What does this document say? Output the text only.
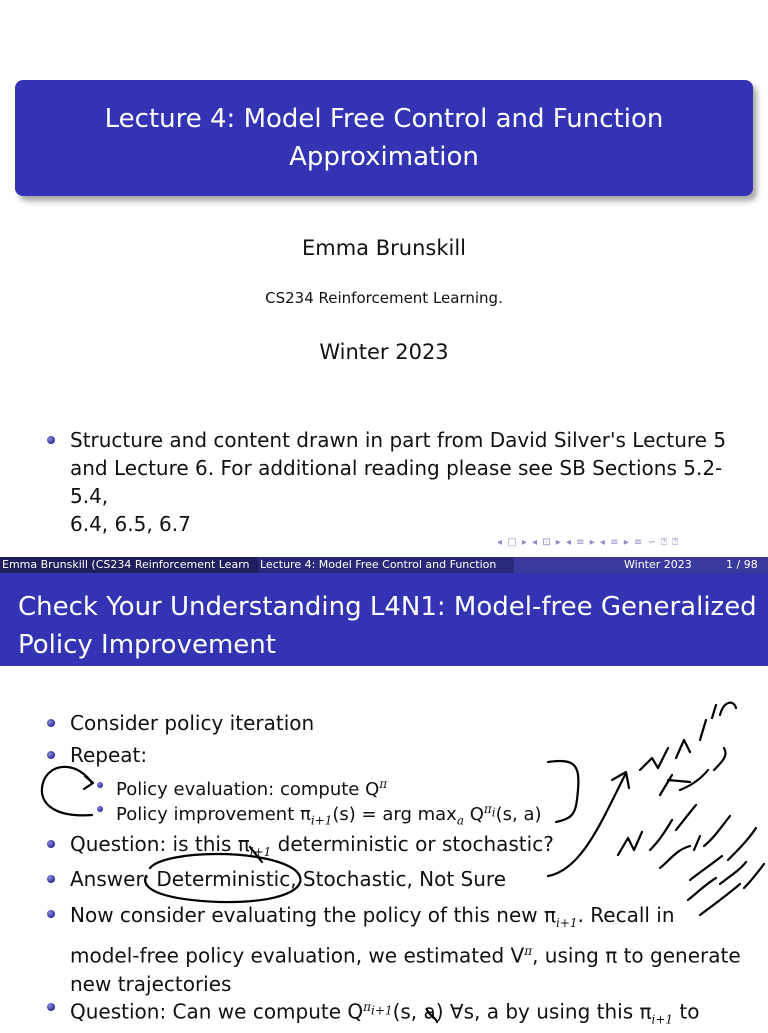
Lecture 4: Model Free Control and Function
Approximation
Emma Brunskill
CS234 Reinforcement Learning.
Winter 2023
Structure and content drawn in part from David Silver's Lecture 5
and Lecture 6. For additional reading please see SB Sections 5.2-5.4,
6.4, 6.5, 6.7
◂ □ ▸ ◂ ⊡ ▸ ◂ ≡ ▸ ◂ ≡ ▸ ≡ ∽ ⍰ ⍰
Emma Brunskill (CS234 Reinforcement Learn Lecture 4: Model Free Control and Function	Winter 2023	1 / 98
Check Your Understanding L4N1: Model-free Generalized
Policy Improvement
Consider policy iteration
Repeat:
Policy evaluation: compute $Q^\pi$
Policy improvement $\pi_{i+1}(s)$ = arg $\max_a Q^{\pi_i}(s$, a)
Question: is this $\pi_{i+1}$ deterministic or stochastic?
Answer: Deterministic, Stochastic, Not Sure
Now consider evaluating the policy of this new $\pi_{i+1}$. Recall in
model-free policy evaluation, we estimated $V^\pi$, using π to generate
new trajectories
Question: Can we compute $Q^{\pi_{i+1}}(s$, a) ∀s, a by using this $\pi_{i+1}$ to
